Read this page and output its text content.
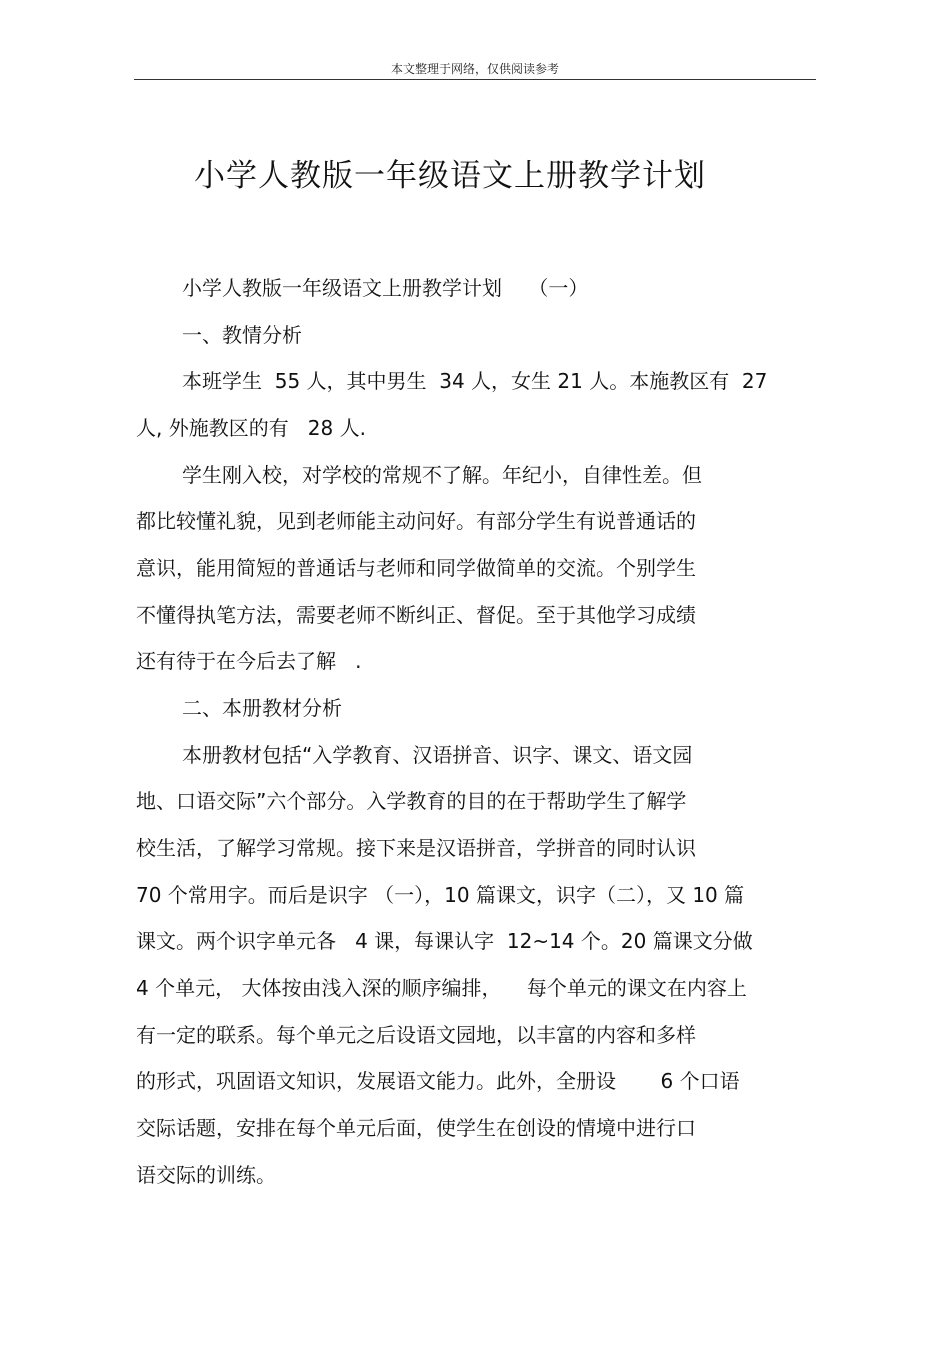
本文整理于网络，仅供阅读参考
小学人教版一年级语文上册教学计划
小学人教版一年级语文上册教学计划　 （一）
一、教情分析
本班学生  55 人，其中男生  34 人，女生 21 人。本施教区有  27
人, 外施教区的有   28 人.
学生刚入校，对学校的常规不了解。年纪小，自律性差。但
都比较懂礼貌，见到老师能主动问好。有部分学生有说普通话的
意识，能用简短的普通话与老师和同学做简单的交流。个别学生
不懂得执笔方法，需要老师不断纠正、督促。至于其他学习成绩
还有待于在今后去了解   .
二、本册教材分析
本册教材包括“入学教育、汉语拼音、识字、课文、语文园
地、口语交际”六个部分。入学教育的目的在于帮助学生了解学
校生活，了解学习常规。接下来是汉语拼音，学拼音的同时认识
70 个常用字。而后是识字 （一），10 篇课文，识字（二），又 10 篇
课文。两个识字单元各   4 课，每课认字  12~14 个。20 篇课文分做
4 个单元， 大体按由浅入深的顺序编排，    每个单元的课文在内容上
有一定的联系。每个单元之后设语文园地，以丰富的内容和多样
的形式，巩固语文知识，发展语文能力。此外，全册设       6 个口语
交际话题，安排在每个单元后面，使学生在创设的情境中进行口
语交际的训练。
